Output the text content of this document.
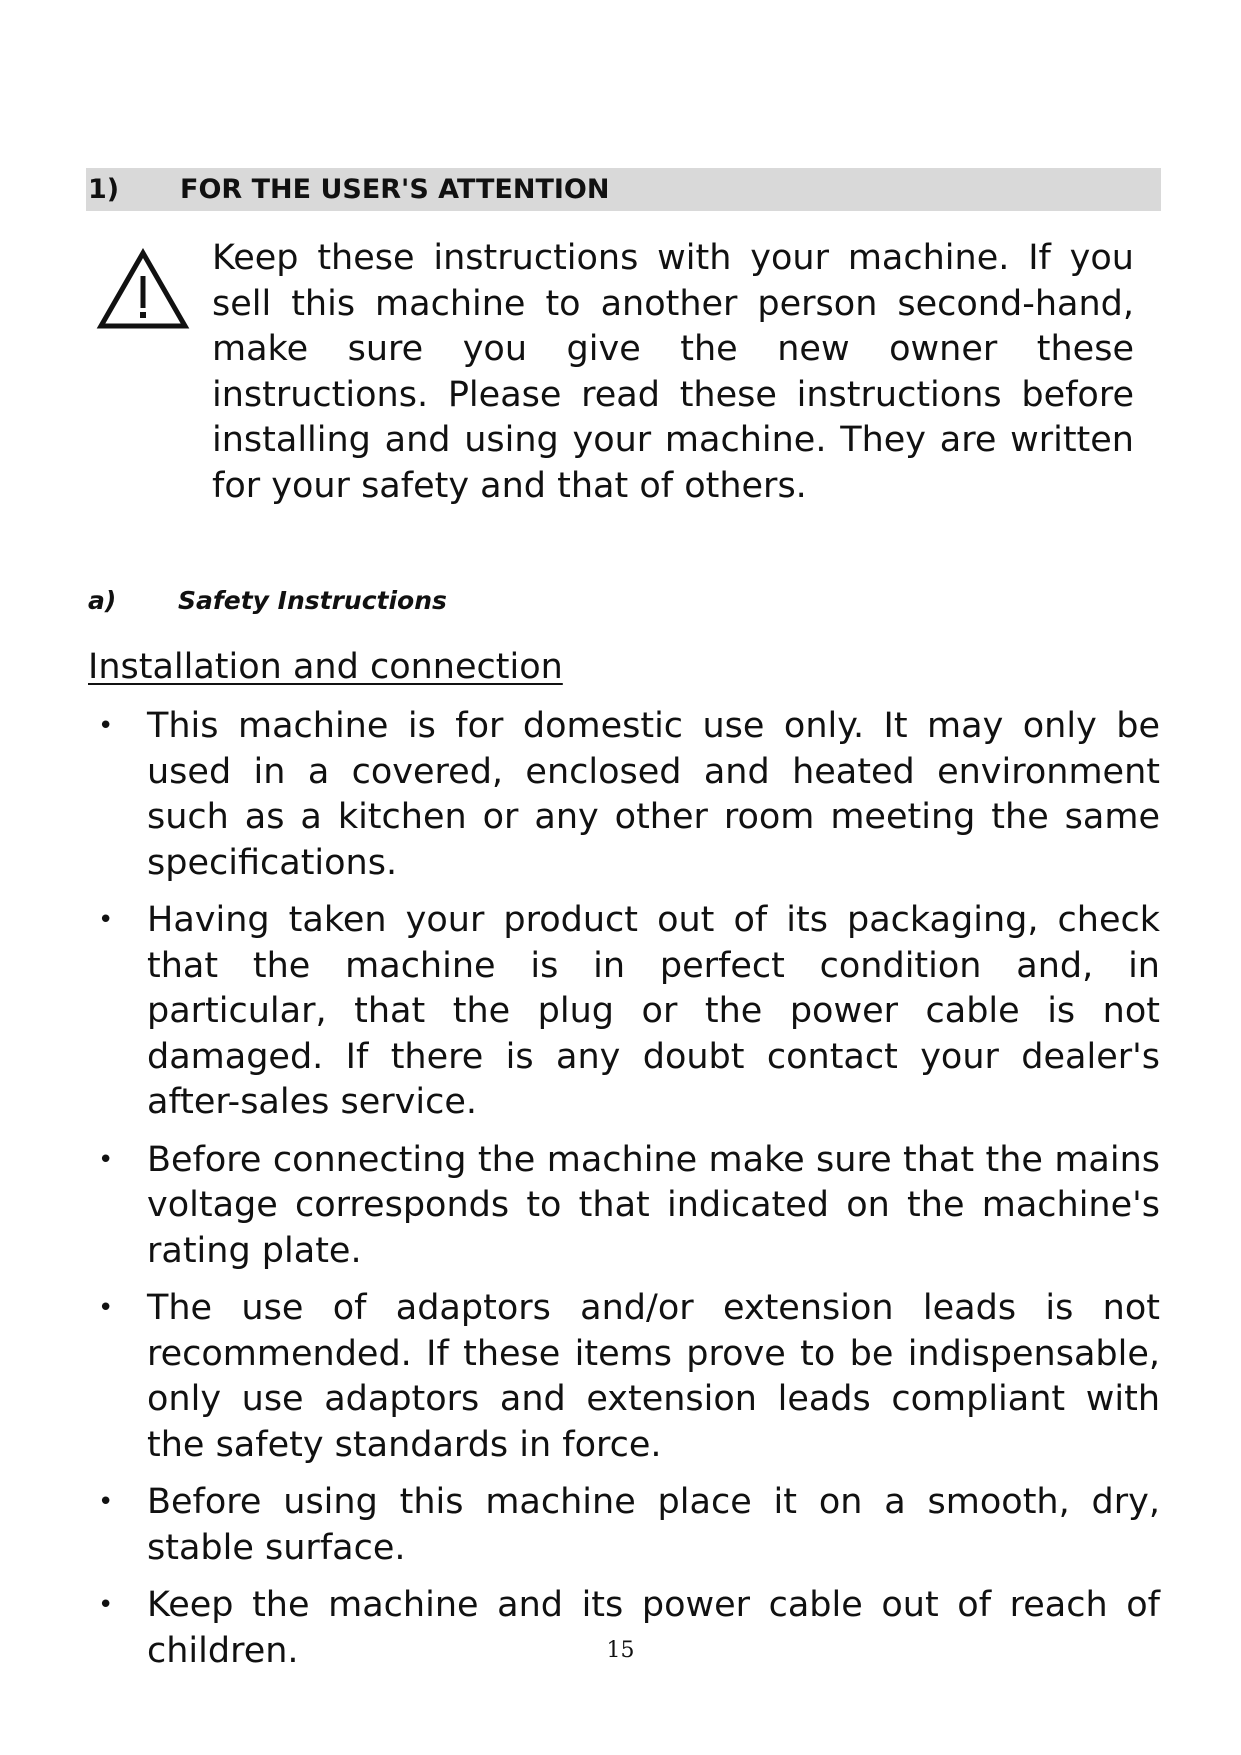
1)	FOR THE USER'S ATTENTION

Keep these instructions with your machine. If you sell this machine to another person second-hand, make sure you give the new owner these instructions. Please read these instructions before installing and using your machine. They are written for your safety and that of others.

a)	Safety Instructions

Installation and connection

• This machine is for domestic use only. It may only be used in a covered, enclosed and heated environment such as a kitchen or any other room meeting the same specifications.
• Having taken your product out of its packaging, check that the machine is in perfect condition and, in particular, that the plug or the power cable is not damaged. If there is any doubt contact your dealer's after-sales service.
• Before connecting the machine make sure that the mains voltage corresponds to that indicated on the machine's rating plate.
• The use of adaptors and/or extension leads is not recommended. If these items prove to be indispensable, only use adaptors and extension leads compliant with the safety standards in force.
• Before using this machine place it on a smooth, dry, stable surface.
• Keep the machine and its power cable out of reach of children.	15
